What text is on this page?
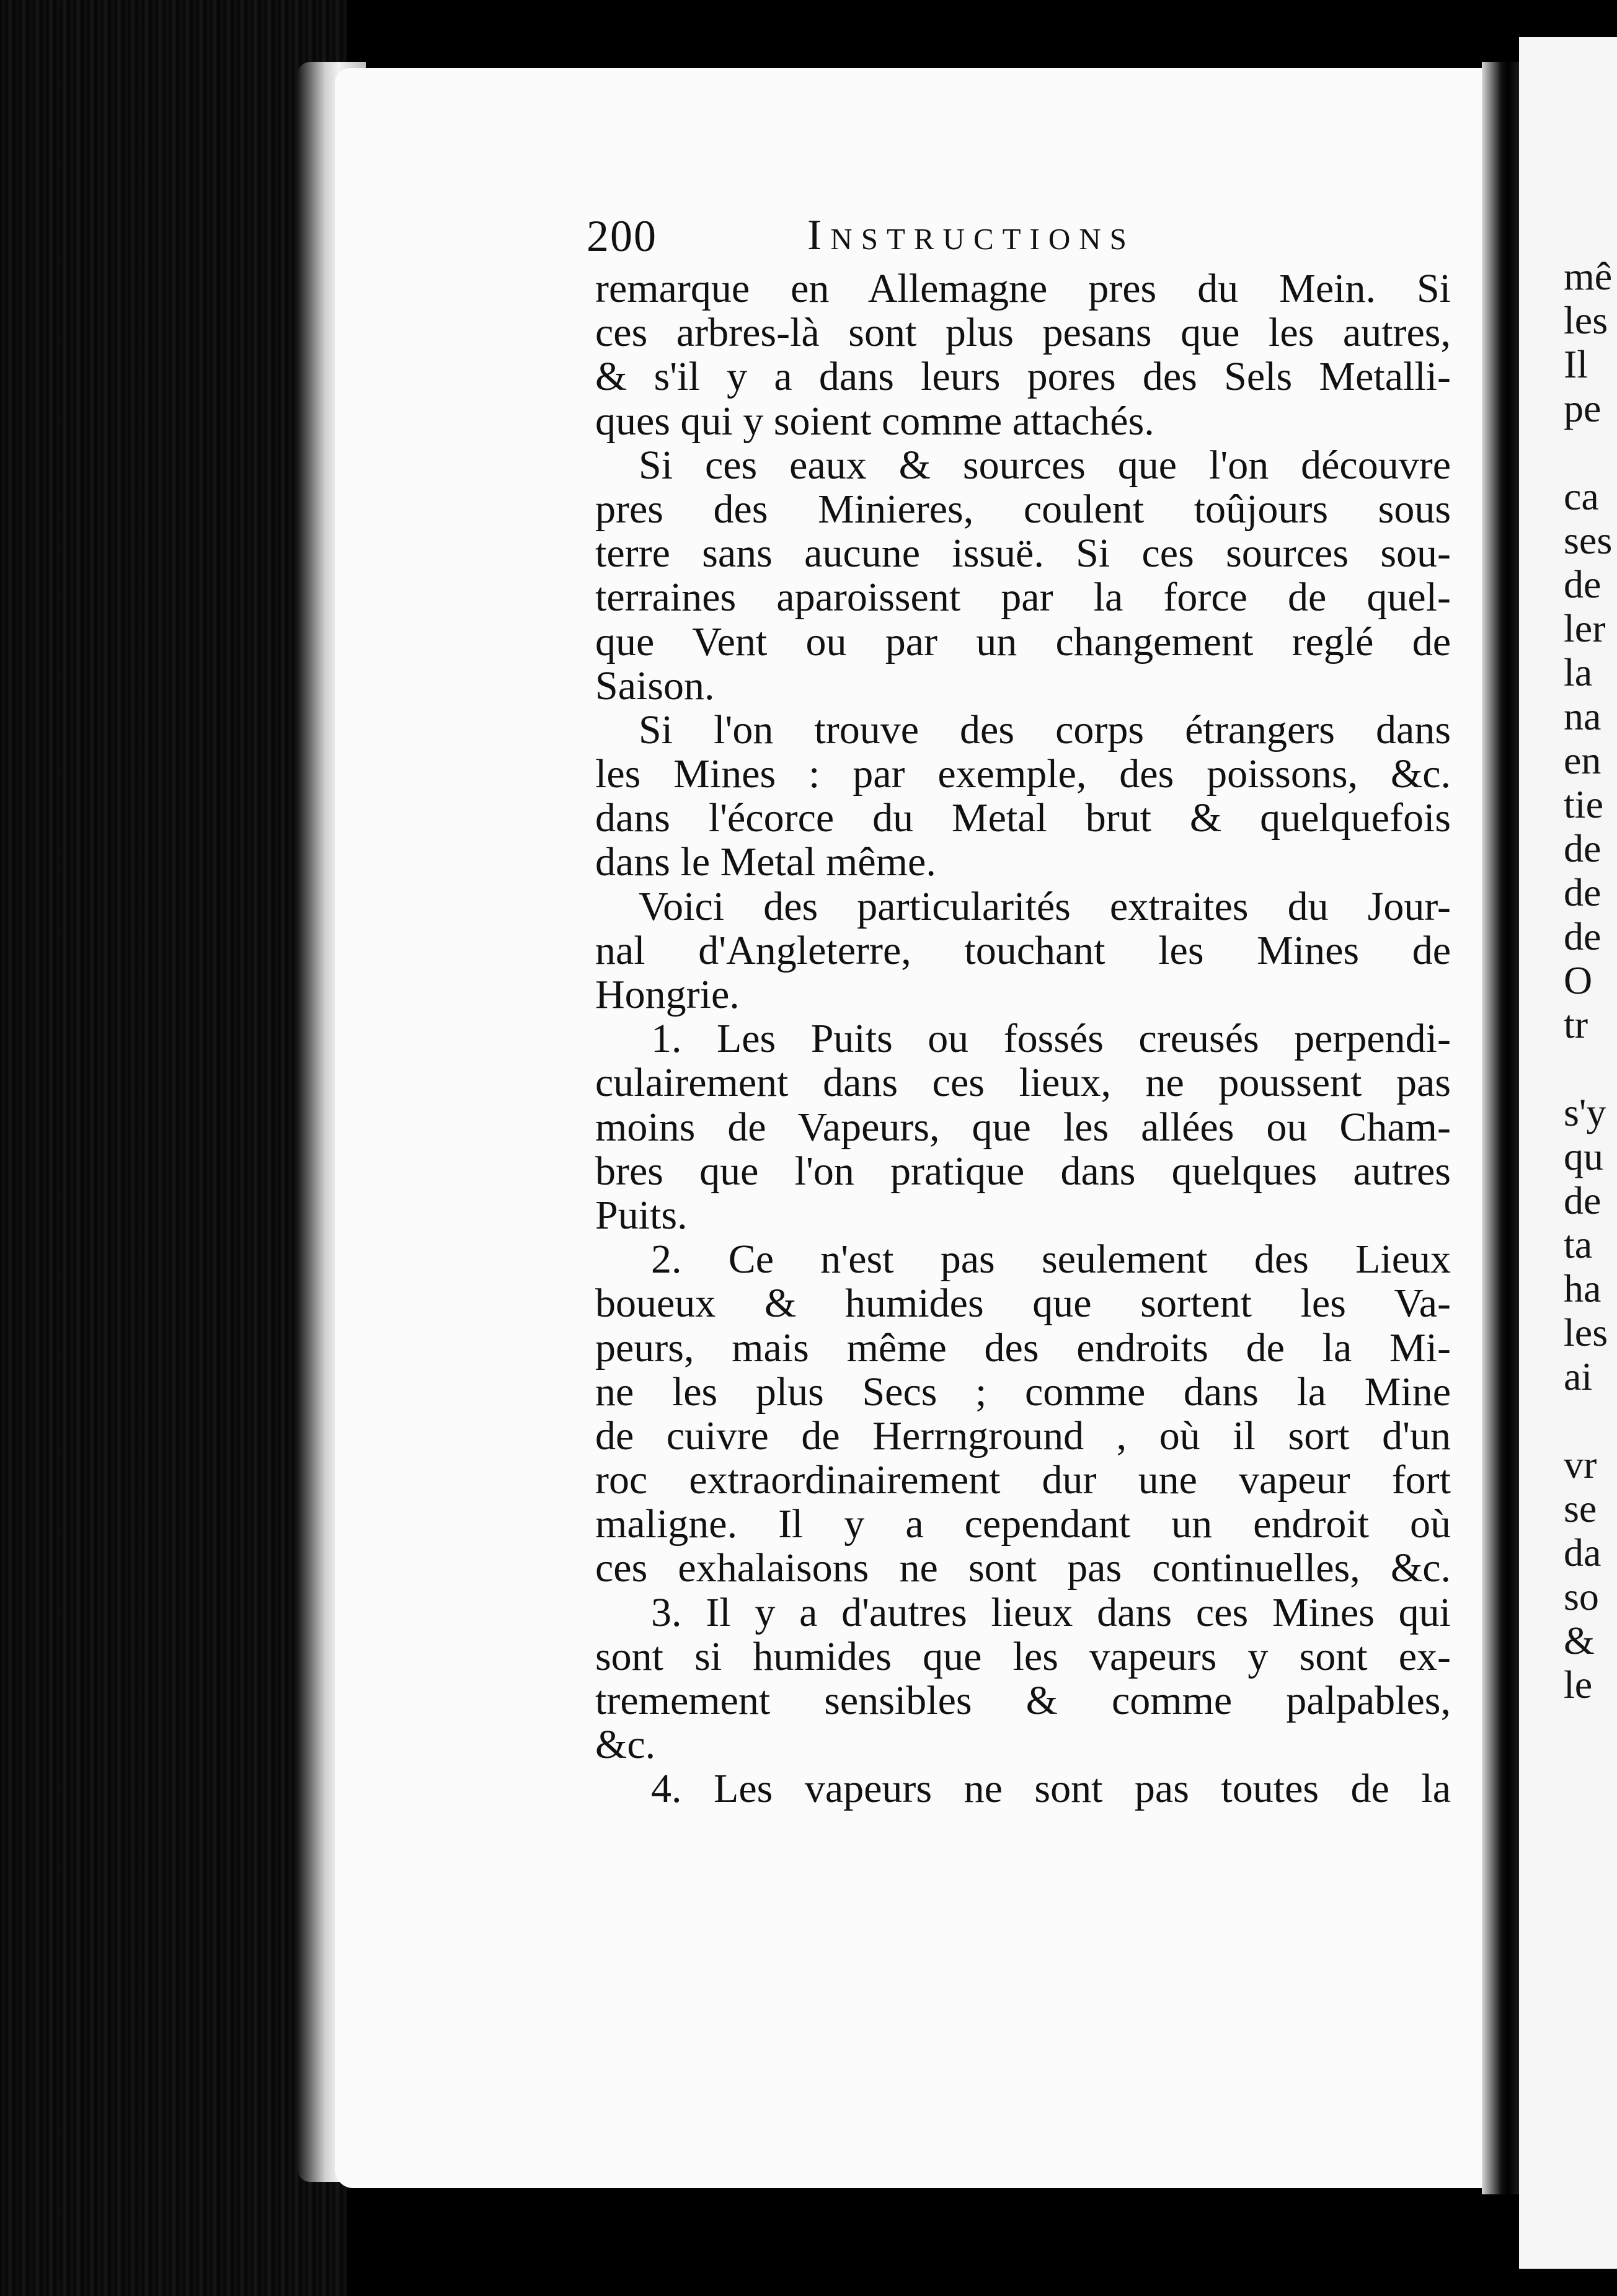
mê
les
Il
pe
ca
ses
de
ler
la
na
en
tie
de
de
de
O
tr
s'y
qu
de
ta
ha
les
ai
vr
se
da
so
&
le
200	Instructions
remarque en Allemagne pres du Mein. Si
ces arbres-là sont plus pesans que les autres,
& s'il y a dans leurs pores des Sels Metalli-
ques qui y soient comme attachés.
Si ces eaux & sources que l'on découvre
pres des Minieres, coulent toûjours sous
terre sans aucune issuë. Si ces sources sou-
terraines aparoissent par la force de quel-
que Vent ou par un changement reglé de
Saison.
Si l'on trouve des corps étrangers dans
les Mines : par exemple, des poissons, &c.
dans l'écorce du Metal brut & quelquefois
dans le Metal même.
Voici des particularités extraites du Jour-
nal d'Angleterre, touchant les Mines de
Hongrie.
1. Les Puits ou fossés creusés perpendi-
culairement dans ces lieux, ne poussent pas
moins de Vapeurs, que les allées ou Cham-
bres que l'on pratique dans quelques autres
Puits.
2. Ce n'est pas seulement des Lieux
boueux & humides que sortent les Va-
peurs, mais même des endroits de la Mi-
ne les plus Secs ; comme dans la Mine
de cuivre de Herrnground , où il sort d'un
roc extraordinairement dur une vapeur fort
maligne. Il y a cependant un endroit où
ces exhalaisons ne sont pas continuelles, &c.
3. Il y a d'autres lieux dans ces Mines qui
sont si humides que les vapeurs y sont ex-
tremement sensibles & comme palpables,
&c.
4. Les vapeurs ne sont pas toutes de la
